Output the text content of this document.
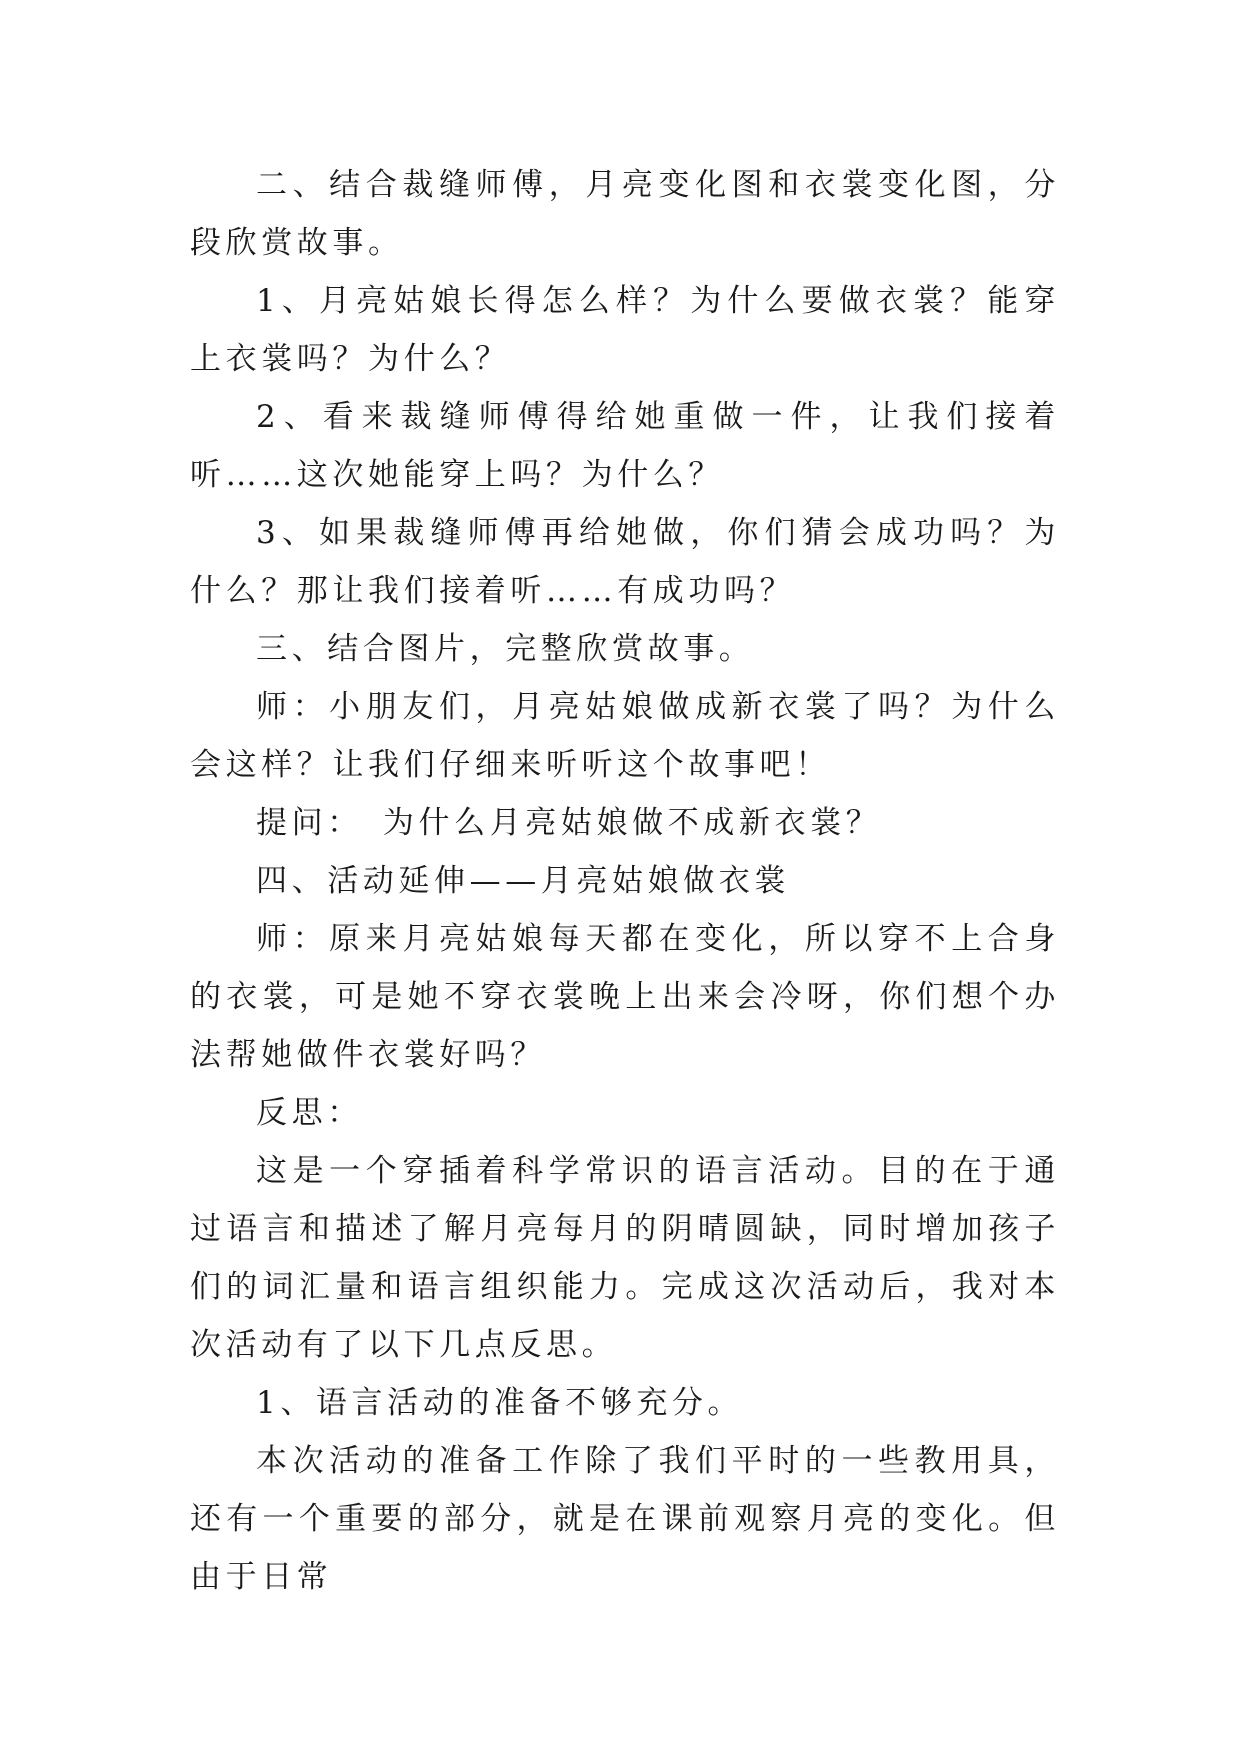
二、结合裁缝师傅，月亮变化图和衣裳变化图，分段欣赏故事。

1、月亮姑娘长得怎么样？为什么要做衣裳？能穿上衣裳吗？为什么？

2、看来裁缝师傅得给她重做一件，让我们接着听……这次她能穿上吗？为什么？

3、如果裁缝师傅再给她做，你们猜会成功吗？为什么？那让我们接着听……有成功吗？

三、结合图片，完整欣赏故事。

师：小朋友们，月亮姑娘做成新衣裳了吗？为什么会这样？让我们仔细来听听这个故事吧！

提问：　为什么月亮姑娘做不成新衣裳？

四、活动延伸——月亮姑娘做衣裳

师：原来月亮姑娘每天都在变化，所以穿不上合身的衣裳，可是她不穿衣裳晚上出来会冷呀，你们想个办法帮她做件衣裳好吗？

反思：

这是一个穿插着科学常识的语言活动。目的在于通过语言和描述了解月亮每月的阴晴圆缺，同时增加孩子们的词汇量和语言组织能力。完成这次活动后，我对本次活动有了以下几点反思。

1、语言活动的准备不够充分。

本次活动的准备工作除了我们平时的一些教用具，还有一个重要的部分，就是在课前观察月亮的变化。但由于日常
